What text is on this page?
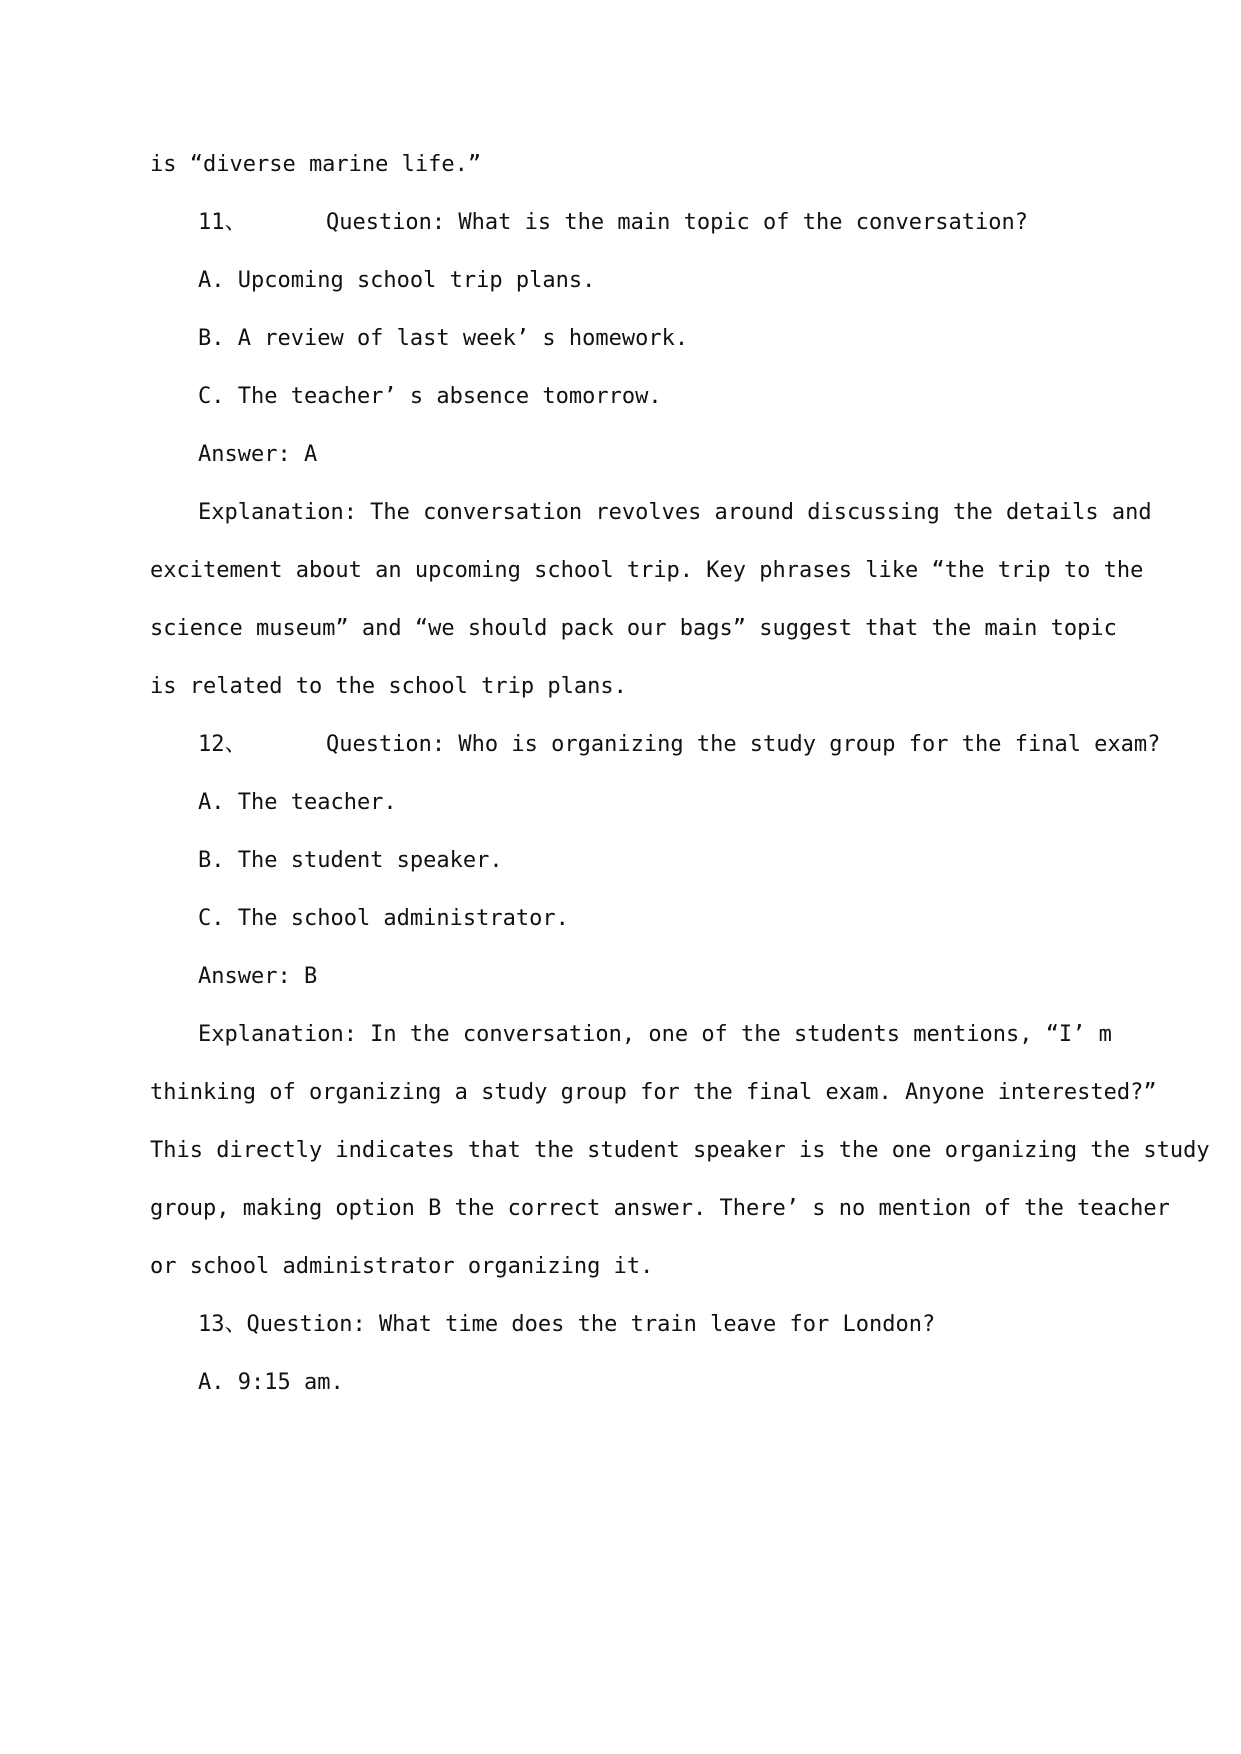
is “diverse marine life.”
11、      Question: What is the main topic of the conversation?
A. Upcoming school trip plans.
B. A review of last week’ s homework.
C. The teacher’ s absence tomorrow.
Answer: A
Explanation: The conversation revolves around discussing the details and
excitement about an upcoming school trip. Key phrases like “the trip to the
science museum” and “we should pack our bags” suggest that the main topic
is related to the school trip plans.
12、      Question: Who is organizing the study group for the final exam?
A. The teacher.
B. The student speaker.
C. The school administrator.
Answer: B
Explanation: In the conversation, one of the students mentions, “I’ m
thinking of organizing a study group for the final exam. Anyone interested?”
This directly indicates that the student speaker is the one organizing the study
group, making option B the correct answer. There’ s no mention of the teacher
or school administrator organizing it.
13、Question: What time does the train leave for London?
A. 9:15 am.
